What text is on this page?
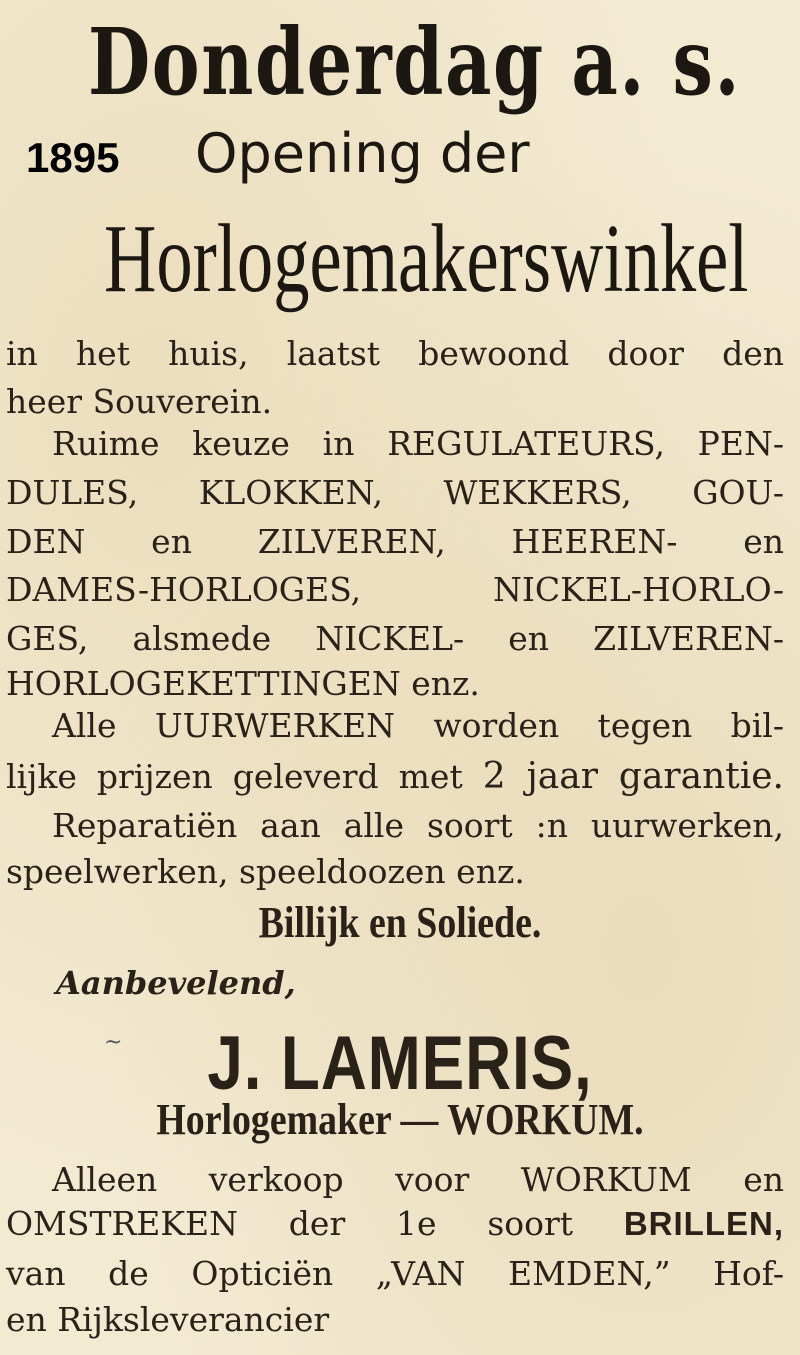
Donderdag a. s.
1895 Opening der
Horlogemakerswinkel
in het huis, laatst bewoond door den
heer Souverein.
Ruime keuze in REGULATEURS, PEN-
DULES, KLOKKEN, WEKKERS, GOU-
DEN en ZILVEREN, HEEREN- en
DAMES-HORLOGES, NICKEL-HORLO-
GES, alsmede NICKEL- en ZILVEREN-
HORLOGEKETTINGEN enz.
Alle UURWERKEN worden tegen bil-
lijke prijzen geleverd met 2 jaar garantie.
Reparatiën aan alle soort :n uurwerken,
speelwerken, speeldoozen enz.
Billijk en Soliede.
Aanbevelend,
~	J. LAMERIS,
Horlogemaker — WORKUM.
Alleen verkoop voor WORKUM en
OMSTREKEN der 1e soort BRILLEN,
van de Opticiën „VAN EMDEN,” Hof-
en Rijksleverancier
